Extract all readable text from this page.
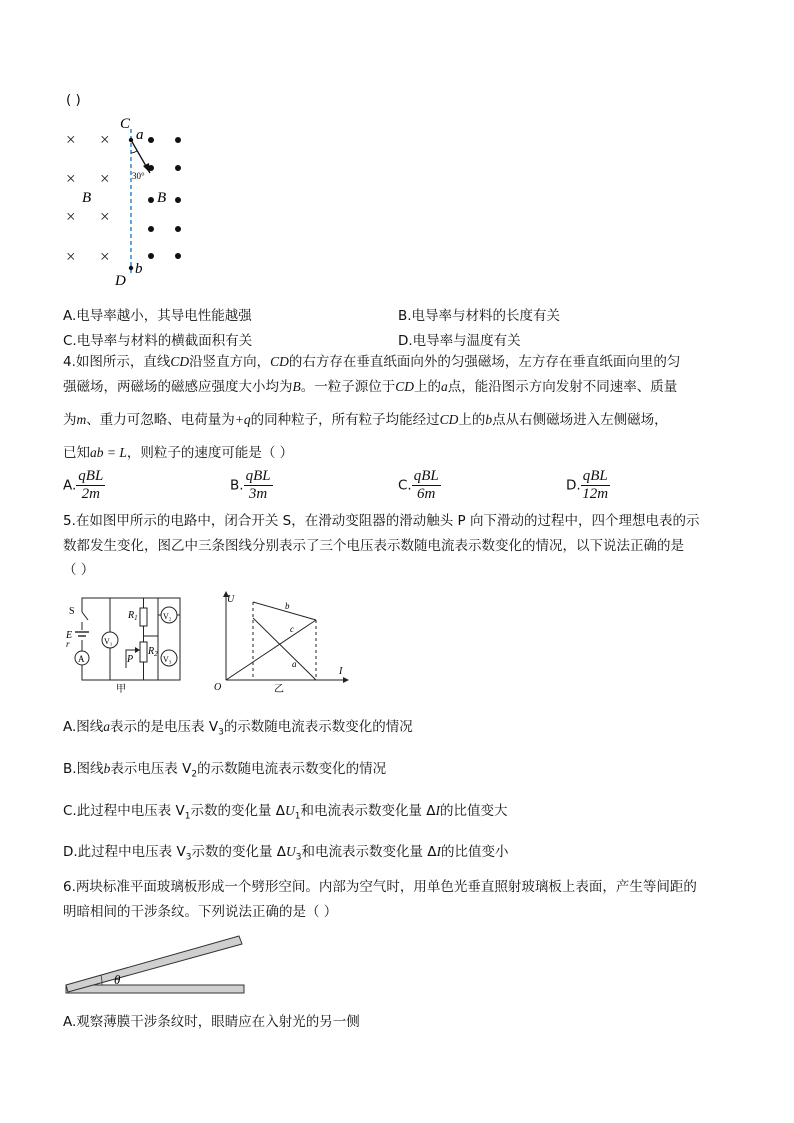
( )
× ×
× ×
× ×
× ×
C
a
30°
B	B
D
b
A.电导率越小，其导电性能越强	B.电导率与材料的长度有关
C.电导率与材料的横截面积有关	D.电导率与温度有关
4.如图所示，直线CD沿竖直方向，CD的右方存在垂直纸面向外的匀强磁场，左方存在垂直纸面向里的匀
强磁场，两磁场的磁感应强度大小均为B。一粒子源位于CD上的a点，能沿图示方向发射不同速率、质量
为m、重力可忽略、电荷量为+q的同种粒子，所有粒子均能经过CD上的b点从右侧磁场进入左侧磁场，
已知ab = L，则粒子的速度可能是（ ）
A. $\frac{\text{qBL}}{2m}$	B. $\frac{\text{qBL}}{3m}$	C. $\frac{\text{qBL}}{6m}$	D. $\frac{\text{qBL}}{12m}$
5.在如图甲所示的电路中，闭合开关 S，在滑动变阻器的滑动触头 P 向下滑动的过程中，四个理想电表的示
数都发生变化，图乙中三条图线分别表示了三个电压表示数随电流表示数变化的情况，以下说法正确的是
（ ）
S
E
r
A
V₁
$R_1$
$R_2$
P
V₂
V₃
甲
U
I
O
b
c
a
乙
A.图线a表示的是电压表 $V_3$的示数随电流表示数变化的情况
B.图线b表示电压表 $V_2$的示数随电流表示数变化的情况
C.此过程中电压表 $V_1$示数的变化量 $\Delta U_1$和电流表示数变化量 ΔI的比值变大
D.此过程中电压表 $V_3$示数的变化量 $\Delta U_3$和电流表示数变化量 ΔI的比值变小
6.两块标准平面玻璃板形成一个劈形空间。内部为空气时，用单色光垂直照射玻璃板上表面，产生等间距的
明暗相间的干涉条纹。下列说法正确的是（ ）
θ
A.观察薄膜干涉条纹时，眼睛应在入射光的另一侧
